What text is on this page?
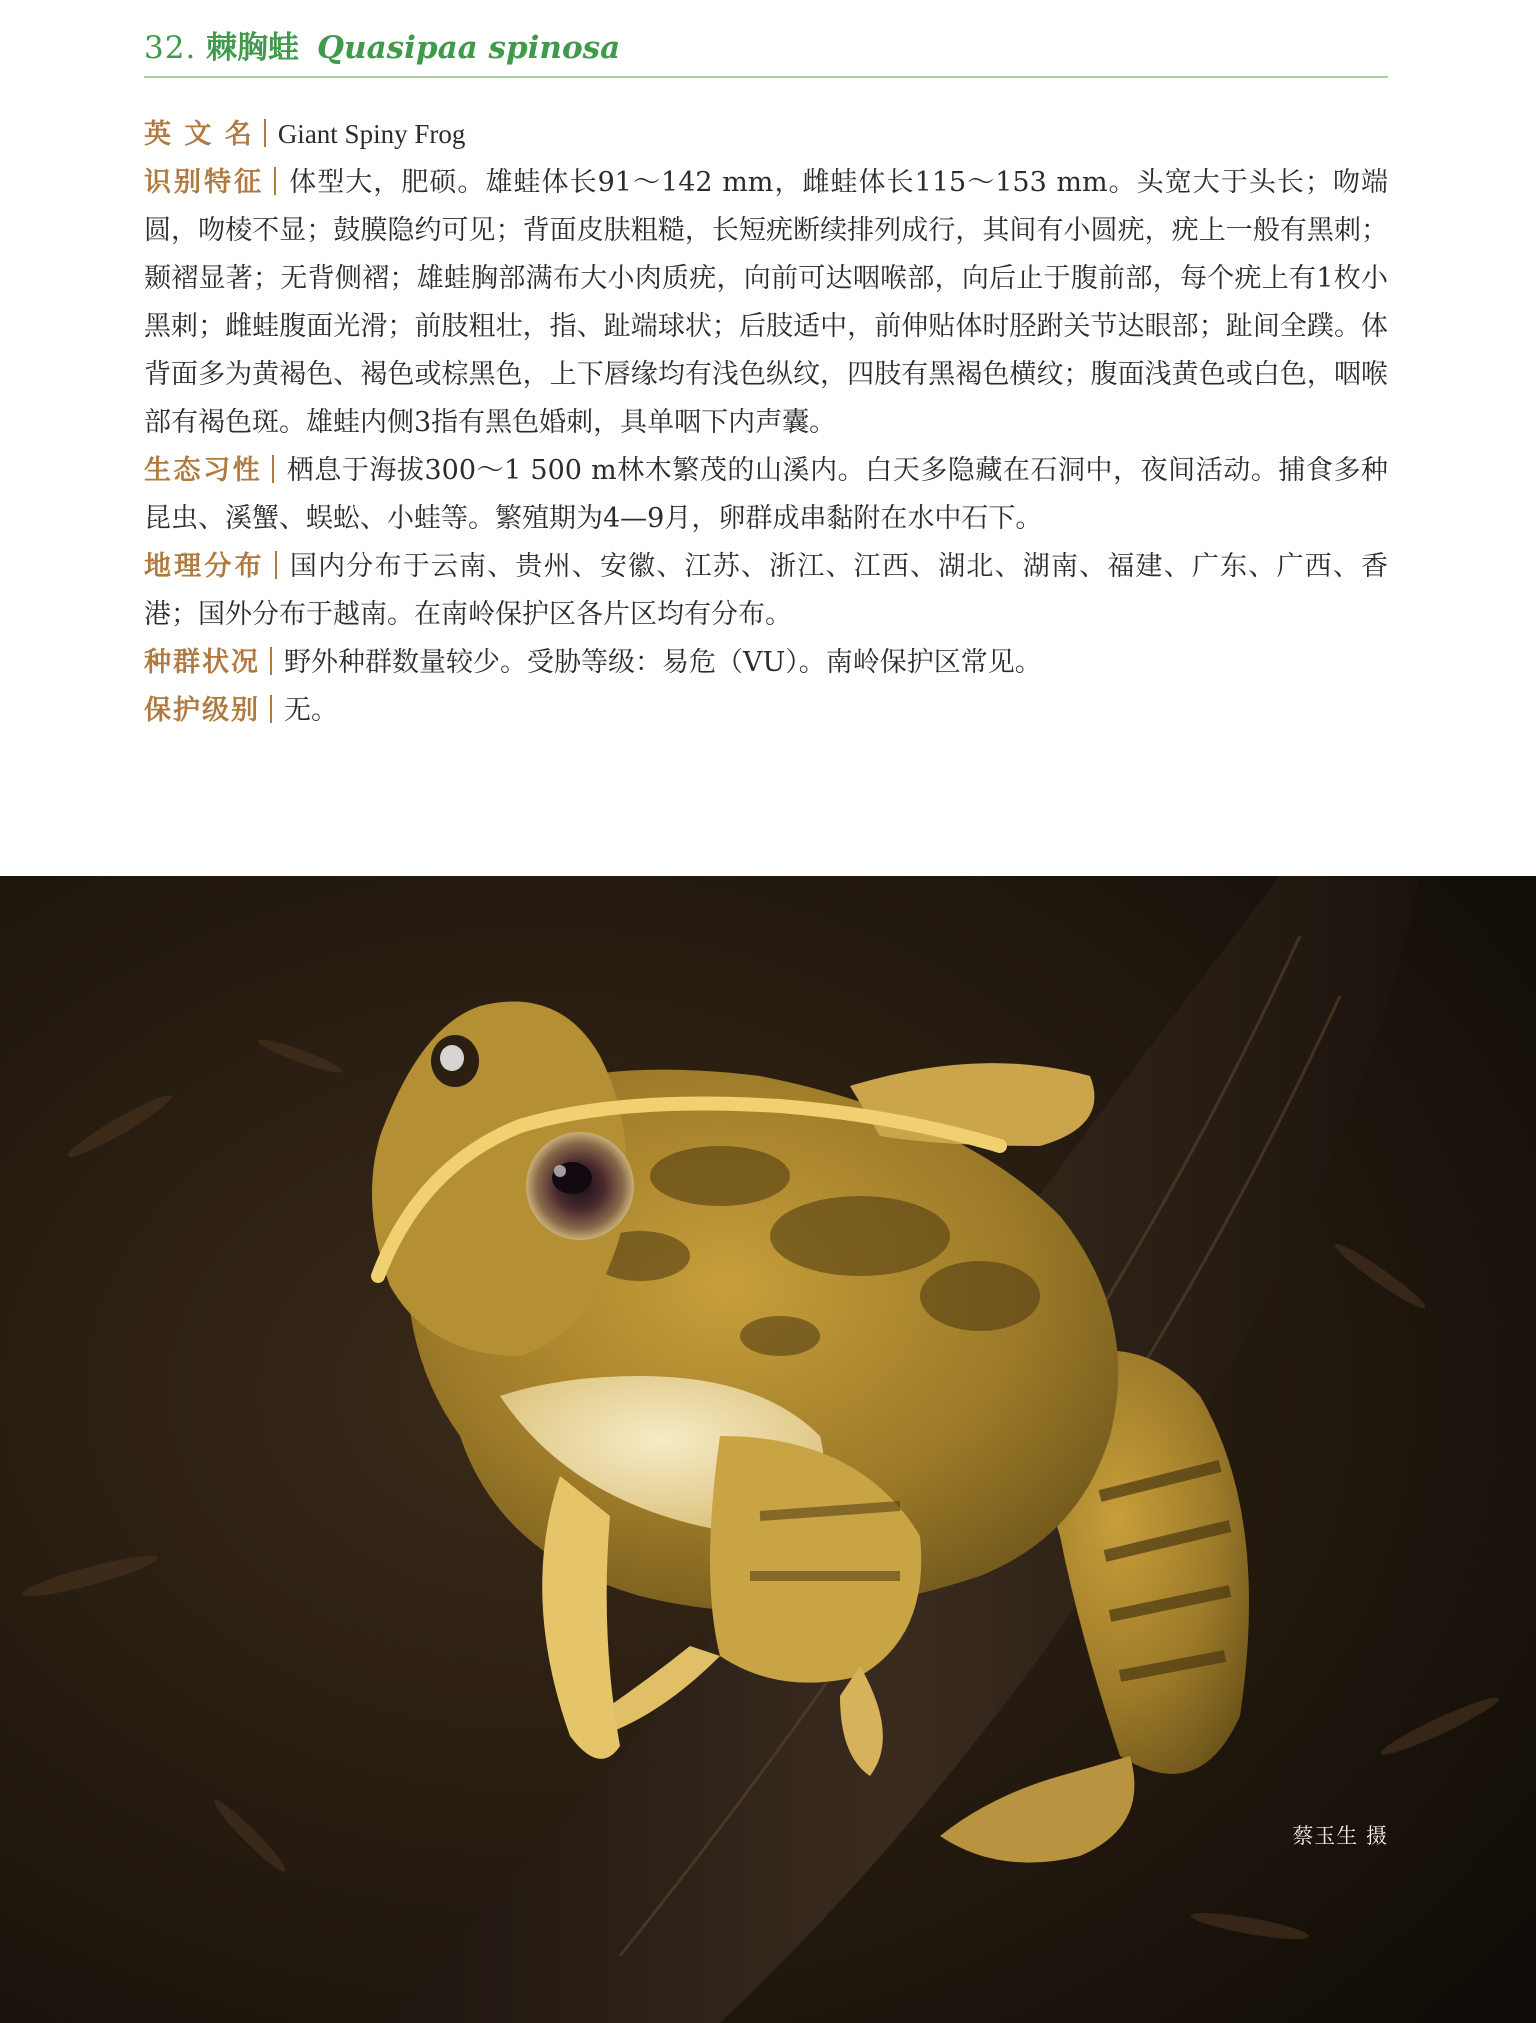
32. 棘胸蛙 Quasipaa spinosa
英 文 名 Giant Spiny Frog
识别特征 体型大，肥硕。雄蛙体长91～142 mm，雌蛙体长115～153 mm。头宽大于头长；吻端圆，吻棱不显；鼓膜隐约可见；背面皮肤粗糙，长短疣断续排列成行，其间有小圆疣，疣上一般有黑刺；颞褶显著；无背侧褶；雄蛙胸部满布大小肉质疣，向前可达咽喉部，向后止于腹前部，每个疣上有1枚小黑刺；雌蛙腹面光滑；前肢粗壮，指、趾端球状；后肢适中，前伸贴体时胫跗关节达眼部；趾间全蹼。体背面多为黄褐色、褐色或棕黑色，上下唇缘均有浅色纵纹，四肢有黑褐色横纹；腹面浅黄色或白色，咽喉部有褐色斑。雄蛙内侧3指有黑色婚刺，具单咽下内声囊。
生态习性 栖息于海拔300～1 500 m林木繁茂的山溪内。白天多隐藏在石洞中，夜间活动。捕食多种昆虫、溪蟹、蜈蚣、小蛙等。繁殖期为4—9月，卵群成串黏附在水中石下。
地理分布 国内分布于云南、贵州、安徽、江苏、浙江、江西、湖北、湖南、福建、广东、广西、香港；国外分布于越南。在南岭保护区各片区均有分布。
种群状况 野外种群数量较少。受胁等级：易危（VU）。南岭保护区常见。
保护级别 无。
蔡玉生 摄
